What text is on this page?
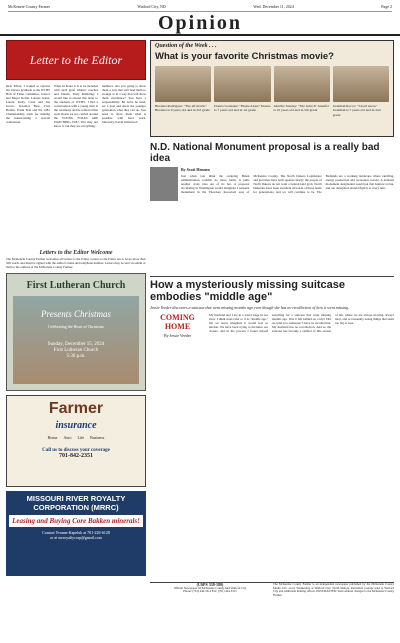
McKenzie County Farmer	Watford City, ND	Wed. December 11, 2024	Page 2
Opinion
Letter to the Editor

Dear Editor, I wanted to express my sincere gratitude to the WCHS Hall of Fame committee, Jessica and Mayor Robin, Lauren, Jenna, Laurie, Kelly, Carol and Jon Grove, Veronica Best, Fred Hollen, Frank Fish and the 1981 Championship team for making the homecoming a special celebration.

What an honor it is to be included with such great athletic coaches and friends. Truly humbling. I would like to extend this letter to the students of WCHS. I had a conversation with a young man at the ceremony and he reflected that each dream we set, carried around the YOUNG FOLKS ARE WATCHING YOU. You may not know it, but they see everything.

numbers. Are you going to show them a way that will lead them to strange or in a way that will show them excellence? You have a responsibility. Be bold, be kind, set a goal and show the younger generation what they can do. You need to show them what is possible with hard work. Sincerely, Kevin Gilbertson

Letters to the Editor Welcome

The McKenzie County Farmer welcomes all Letters to the Editor. Letters to the Editor are to be no more than 500 words and must be signed with the author's name and telephone number. Letters may be sent via email or mail to the address of the McKenzie County Farmer.

First Lutheran Church
Presents Christmas
Celebrating the Heart of Christmas
Sunday, December 15, 2024
First Lutheran Church
5:30 p.m.
Farmer
insurance
Home Auto Life Business
Call us to discuss your coverage
701-842-2351
MISSOURI RIVER ROYALTY CORPORATION (MRRC)
Leasing and Buying Core Bakken minerals!
Contact Yvonne Kapeluk at 701-226-6128
or at mrroyaltycorp@gmail.com
Question of the Week . . .
What is your favorite Christmas movie?
Breanna Rodriguez: "The elf movie" Breanna is 9 years old and in 3rd grade
Donna Gonzalez: "Home Alone" Donna is 7 years old and in 1st grade
Jennifer Stanley: "The Grinch" Jennifer is 10 years old and in 5th grade
Jeremiah Rocco: "I don't know" Jeremiah is 7 years old and in 2nd grade
N.D. National Monument proposal is a really bad idea
By Scott Hennen
Just when you think the outgoing Biden administration couldn't do more harm, it pulls another crazy idea out of its hat. A proposal circulating in Washington would designate a national monument in the Theodore Roosevelt area of McKenzie County. The North Dakota Legislature and governor have both spoken clearly: the people of North Dakota do not want a federal land grab. North Dakotans have been excellent stewards of these lands for generations, and we will continue to be. The Badlands are a working landscape where ranching, energy production and recreation coexist. A national monument designation would put that balance at risk, and our delegation should fight it at every turn.
How a mysteriously missing suitcase embodies "middle age"
Jessie Veeder discovers a suitcase that went missing months ago even though she has no recollection of how it went missing.
COMING HOME
By Jessie Veeder
My husband and I are in a weird stage in our lives. I think most refer to it as "middle age," but we never imagined it would feel so unclear. We have been trying to declutter our closets, and in the process I found myself searching for a suitcase that went missing months ago. Was it left behind on a trip? Did we lend it to someone? I have no recollection. My husband has no recollection. And so the suitcase has become a symbol of this season of life, where we are always moving, always busy, and occasionally losing things that seem too big to lose.
(USPS 338-180)
Official Newspaper Of McKenzie County And Watford City
Phone: (701) 444-3314 Fax: (701) 444-3315
The McKenzie County Farmer is an independent newspaper published by the McKenzie County Media LLC every Wednesday at Watford City, North Dakota. Periodical postage paid at Watford City and additional mailing offices. POSTMASTER: Send address changes to the McKenzie County Farmer.
